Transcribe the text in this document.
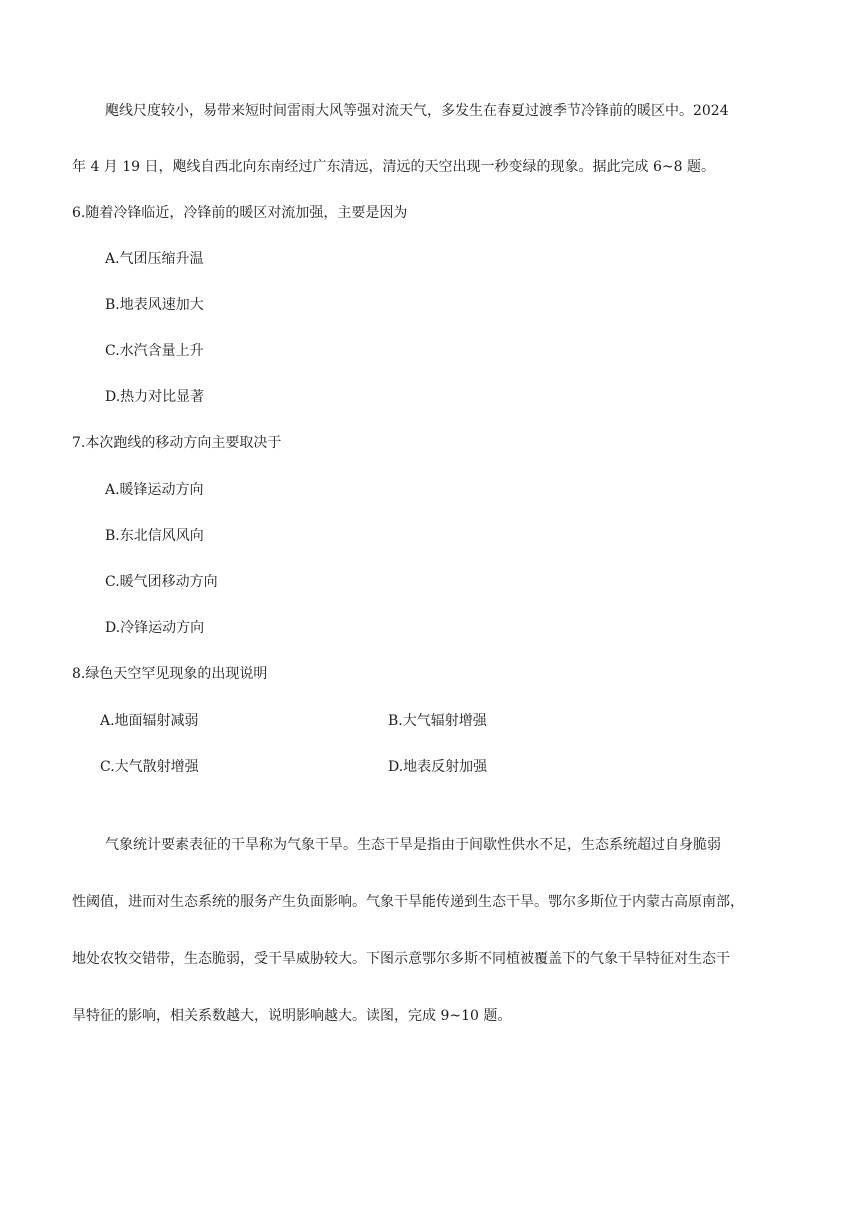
飑线尺度较小，易带来短时间雷雨大风等强对流天气，多发生在春夏过渡季节冷锋前的暖区中。2024
年 4 月 19 日，飑线自西北向东南经过广东清远，清远的天空出现一秒变绿的现象。据此完成 6~8 题。
6.随着冷锋临近，冷锋前的暖区对流加强，主要是因为
A.气团压缩升温
B.地表风速加大
C.水汽含量上升
D.热力对比显著
7.本次跑线的移动方向主要取决于
A.暖锋运动方向
B.东北信风风向
C.暖气团移动方向
D.冷锋运动方向
8.绿色天空罕见现象的出现说明
A.地面辐射减弱	B.大气辐射增强
C.大气散射增强	D.地表反射加强
气象统计要素表征的干旱称为气象干旱。生态干旱是指由于间歇性供水不足，生态系统超过自身脆弱
性阈值，进而对生态系统的服务产生负面影响。气象干旱能传递到生态干旱。鄂尔多斯位于内蒙古高原南部，
地处农牧交错带，生态脆弱，受干旱威胁较大。下图示意鄂尔多斯不同植被覆盖下的气象干旱特征对生态干
旱特征的影响，相关系数越大，说明影响越大。读图，完成 9~10 题。
